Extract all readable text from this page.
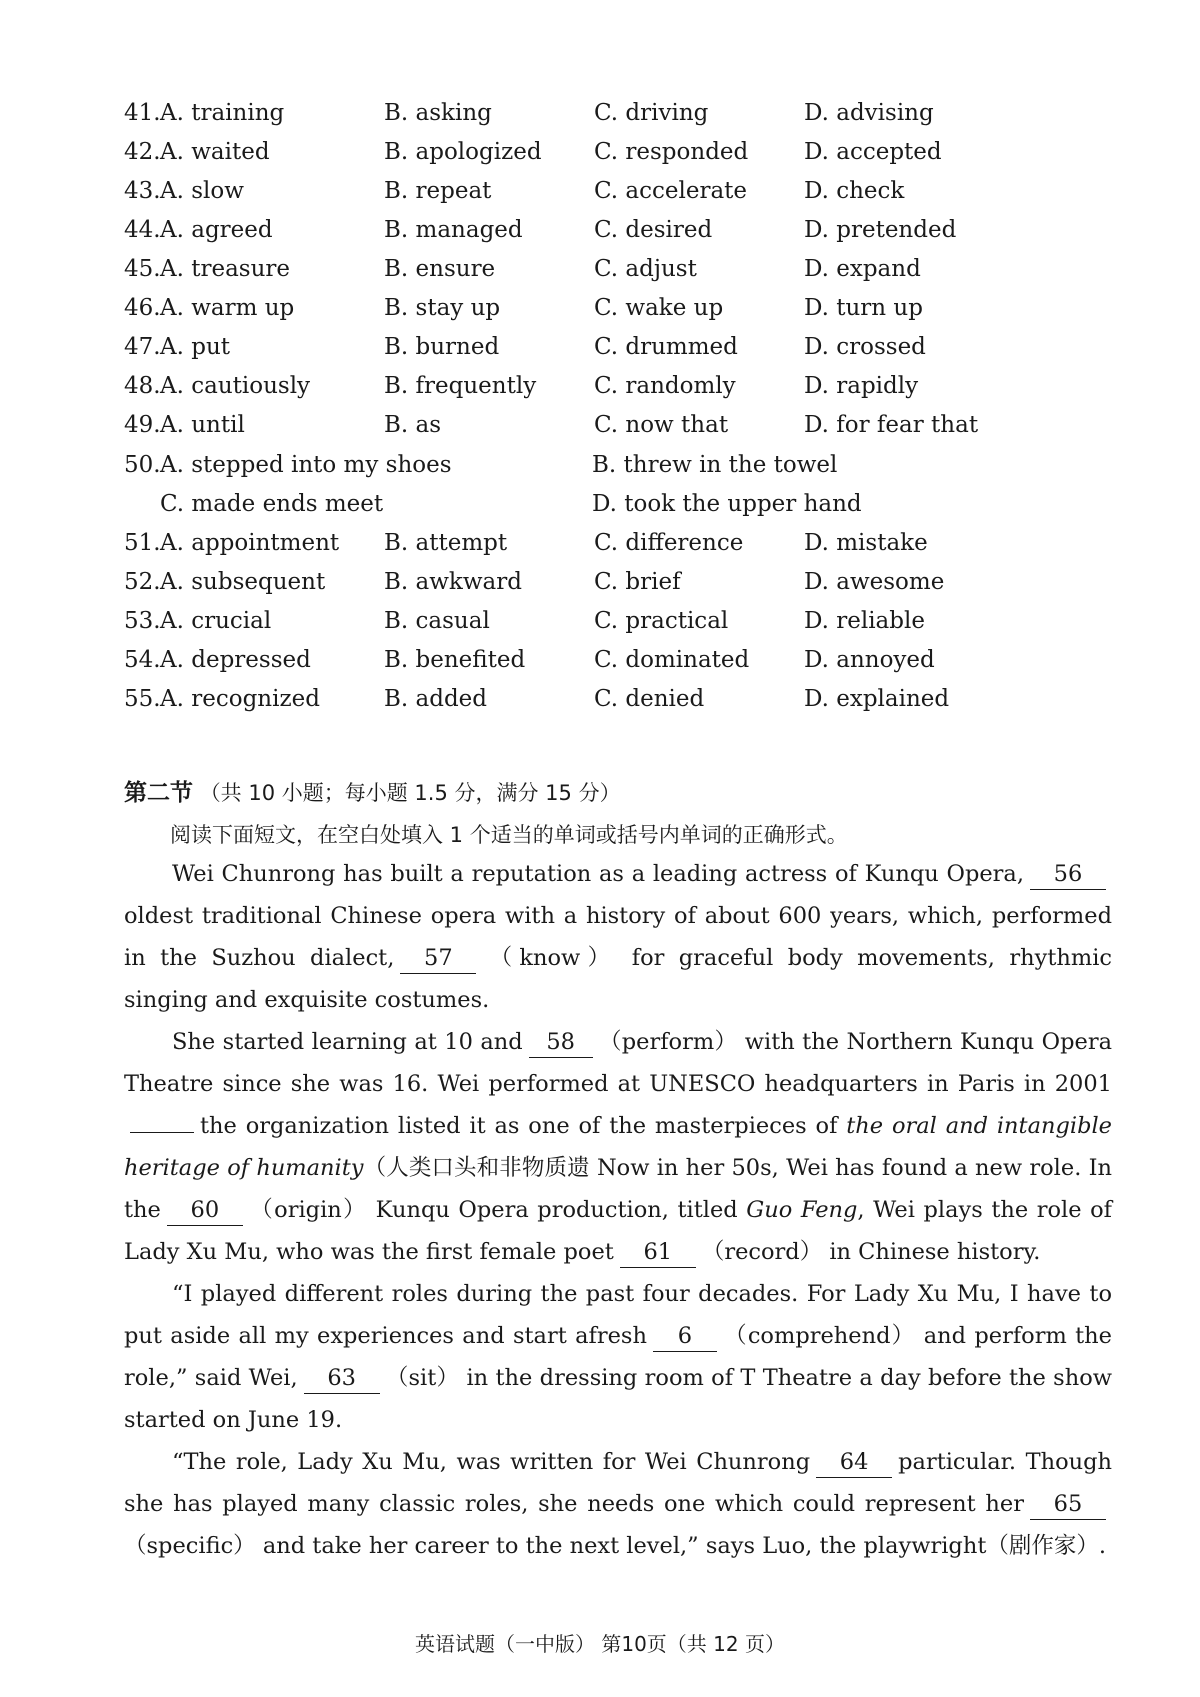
41. A. training	B. asking	C. driving	D. advising
42. A. waited	B. apologized C. responded D. accepted
43. A. slow	B. repeat	C. accelerate D. check
44. A. agreed	B. managed	C. desired	D. pretended
45. A. treasure	B. ensure	C. adjust	D. expand
46. A. warm up	B. stay up	C. wake up	D. turn up
47. A. put	B. burned	C. drummed	D. crossed
48. A. cautiously	B. frequently	C. randomly	D. rapidly
49. A. until	B. as	C. now that	D. for fear that
50. A. stepped into my shoes	B. threw in the towel
C. made ends meet	D. took the upper hand
51. A. appointment B. attempt	C. difference	D. mistake
52. A. subsequent	B. awkward	C. brief	D. awesome
53. A. crucial	B. casual	C. practical	D. reliable
54. A. depressed	B. benefited	C. dominated D. annoyed
55. A. recognized	B. added	C. denied	D. explained
第二节 （共 10 小题；每小题 1.5 分，满分 15 分）
阅读下面短文，在空白处填入 1 个适当的单词或括号内单词的正确形式。

Wei Chunrong has built a reputation as a leading actress of Kunqu Opera, 56oldest traditional Chinese opera with a history of about 600 years, which, performed in the Suzhou dialect, 57 （know） for graceful body movements, rhythmic singing and exquisite costumes.

She started learning at 10 and 58 （perform） with the Northern Kunqu Opera Theatre since she was 16. Wei performed at UNESCO headquarters in Paris in 2001the organization listed it as one of the masterpieces of the oral and intangible heritage of humanity（人类口头和非物质遗 Now in her 50s, Wei has found a new role. In the 60 （origin） Kunqu Opera production, titled Guo Feng, Wei plays the role of Lady Xu Mu, who was the first female poet 61 （record） in Chinese history.

“I played different roles during the past four decades. For Lady Xu Mu, I have to put aside all my experiences and start afresh 6 （comprehend） and perform the role,” said Wei, 63 （sit） in the dressing room of T Theatre a day before the show started on June 19.

“The role, Lady Xu Mu, was written for Wei Chunrong 64 particular. Though she has played many classic roles, she needs one which could represent her 65（specific） and take her career to the next level,” says Luo, the playwright（剧作家）.

英语试题（一中版） 第10页（共 12 页）
